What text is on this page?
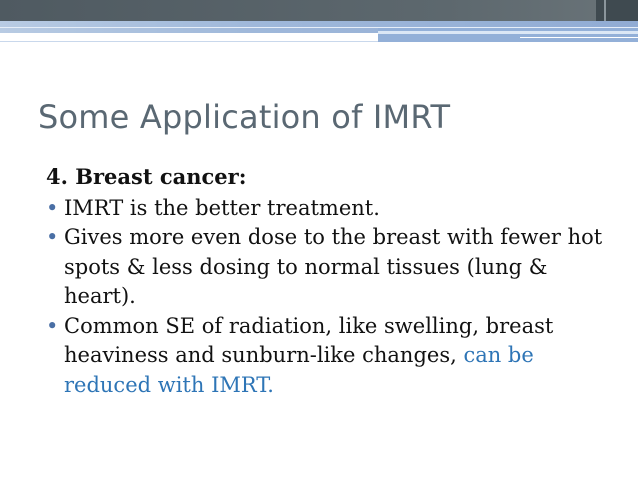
Some Application of IMRT
4. Breast cancer:
• IMRT is the better treatment.
• Gives more even dose to the breast with fewer hot spots & less dosing to normal tissues (lung & heart).
• Common SE of radiation, like swelling, breast heaviness and sunburn-like changes, can be reduced with IMRT.
